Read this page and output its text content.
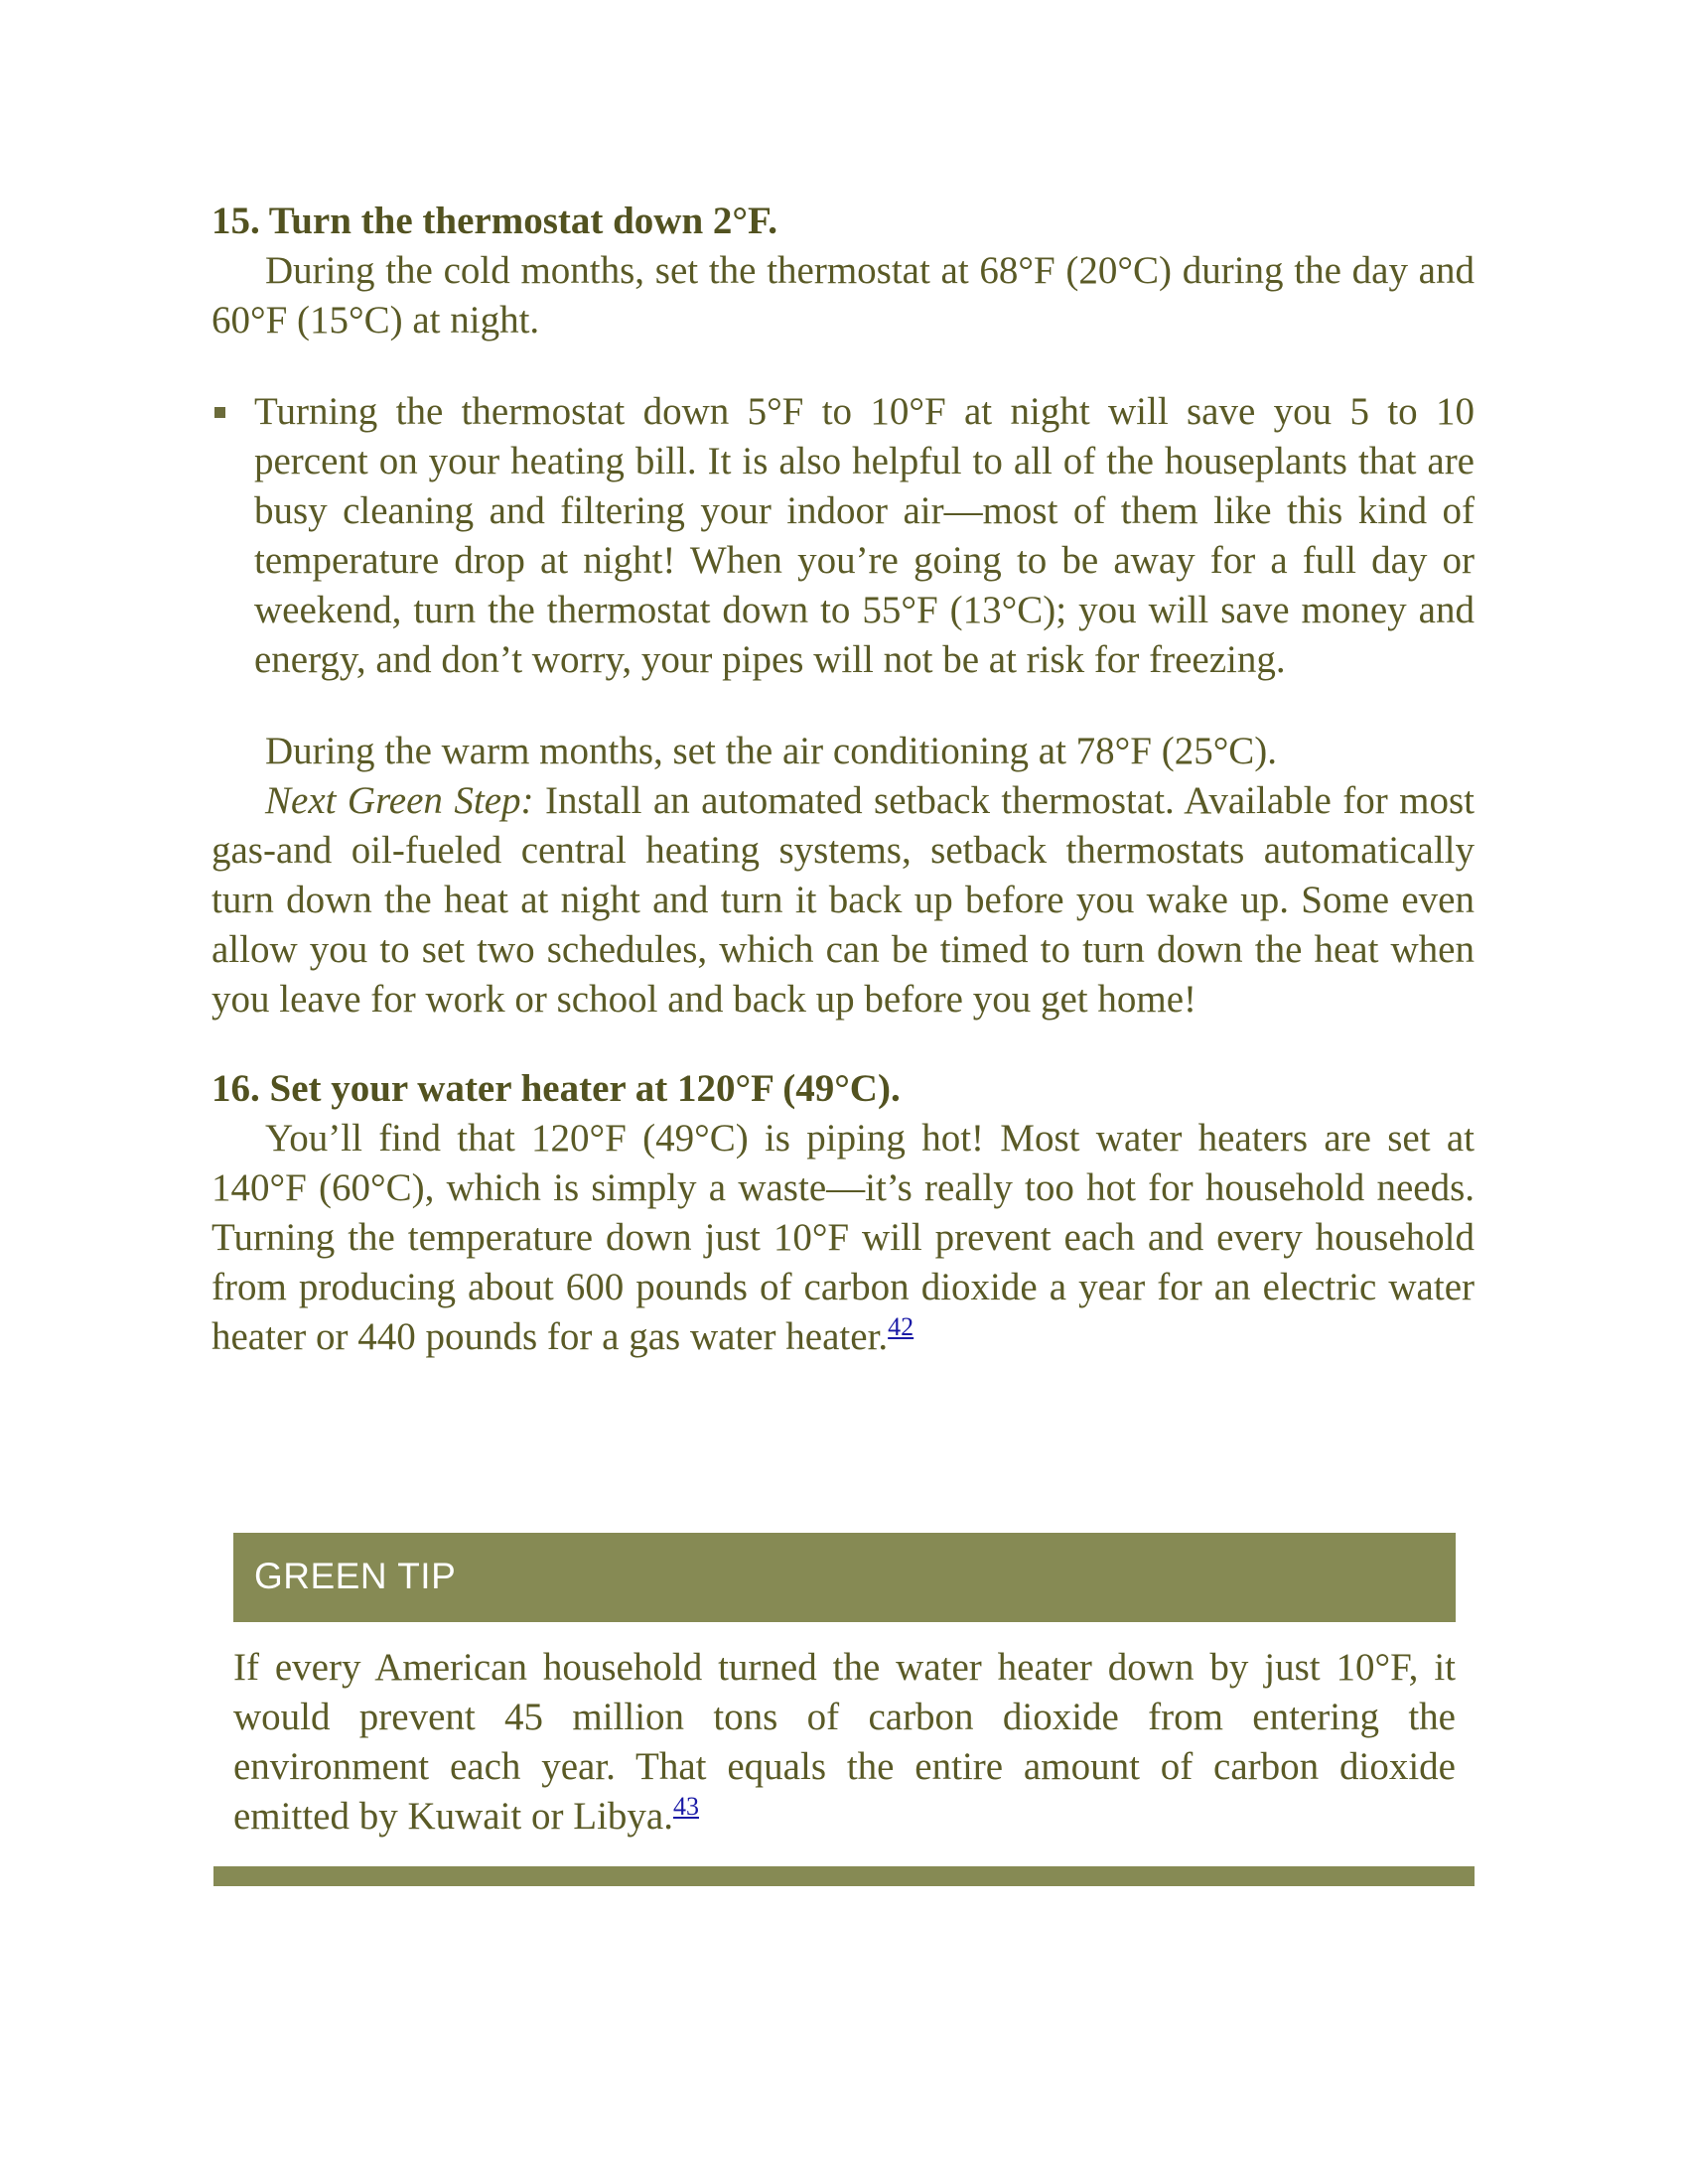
15. Turn the thermostat down 2°F.

During the cold months, set the thermostat at 68°F (20°C) during the day and 60°F (15°C) at night.

Turning the thermostat down 5°F to 10°F at night will save you 5 to 10 percent on your heating bill. It is also helpful to all of the houseplants that are busy cleaning and filtering your indoor air—most of them like this kind of temperature drop at night! When you’re going to be away for a full day or weekend, turn the thermostat down to 55°F (13°C); you will save money and energy, and don’t worry, your pipes will not be at risk for freezing.

During the warm months, set the air conditioning at 78°F (25°C).

Next Green Step: Install an automated setback thermostat. Available for most gas-and oil-fueled central heating systems, setback thermostats automatically turn down the heat at night and turn it back up before you wake up. Some even allow you to set two schedules, which can be timed to turn down the heat when you leave for work or school and back up before you get home!

16. Set your water heater at 120°F (49°C).

You’ll find that 120°F (49°C) is piping hot! Most water heaters are set at 140°F (60°C), which is simply a waste—it’s really too hot for household needs. Turning the temperature down just 10°F will prevent each and every household from producing about 600 pounds of carbon dioxide a year for an electric water heater or 440 pounds for a gas water heater.$^{42}$

GREEN TIP

If every American household turned the water heater down by just 10°F, it would prevent 45 million tons of carbon dioxide from entering the environment each year. That equals the entire amount of carbon dioxide emitted by Kuwait or Libya.$^{43}$
